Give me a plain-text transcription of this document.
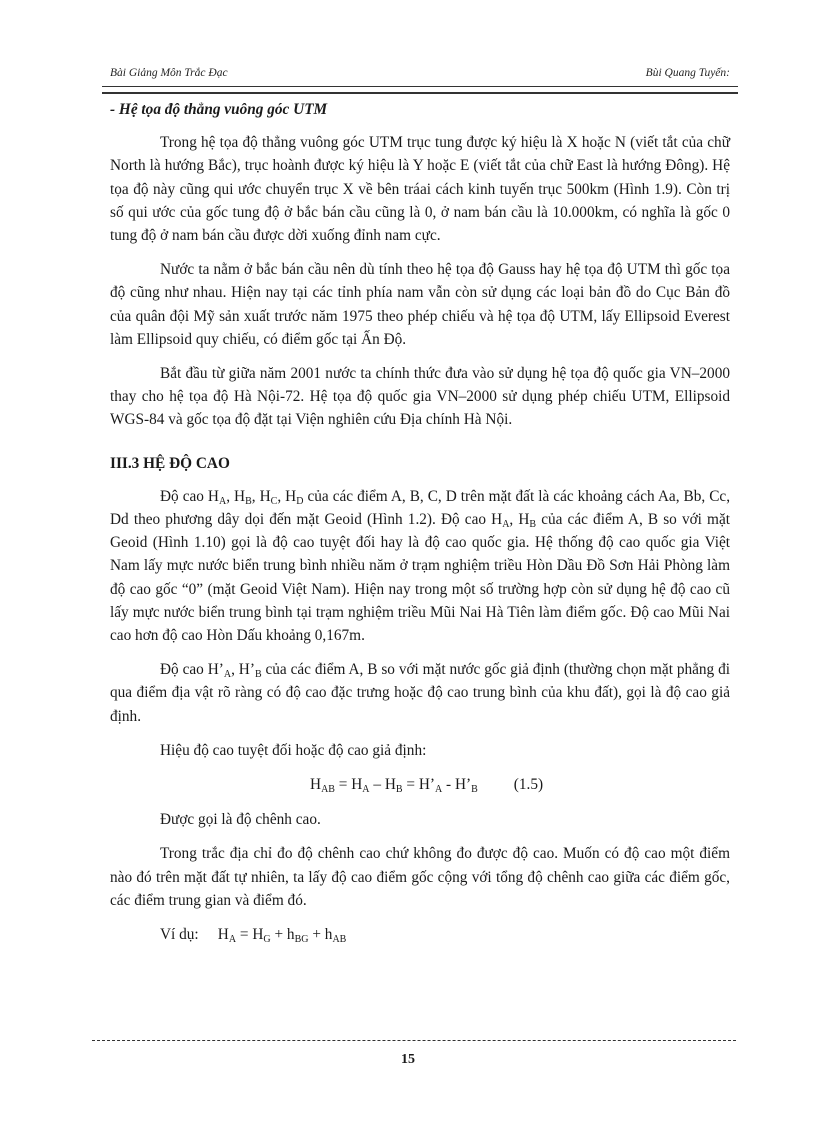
Bài Giảng Môn Trắc Đạc	Bùi Quang Tuyến:
- Hệ tọa độ thẳng vuông góc UTM

Trong hệ tọa độ thẳng vuông góc UTM trục tung được ký hiệu là X hoặc N (viết tắt của chữ North là hướng Bắc), trục hoành được ký hiệu là Y hoặc E (viết tắt của chữ East là hướng Đông). Hệ tọa độ này cũng qui ước chuyển trục X về bên tráai cách kinh tuyến trục 500km (Hình 1.9). Còn trị số qui ước của gốc tung độ ở bắc bán cầu cũng là 0, ở nam bán cầu là 10.000km, có nghĩa là gốc 0 tung độ ở nam bán cầu được dời xuống đỉnh nam cực.

Nước ta nằm ở bắc bán cầu nên dù tính theo hệ tọa độ Gauss hay hệ tọa độ UTM thì gốc tọa độ cũng như nhau. Hiện nay tại các tỉnh phía nam vẫn còn sử dụng các loại bản đồ do Cục Bản đồ của quân đội Mỹ sản xuất trước năm 1975 theo phép chiếu và hệ tọa độ UTM, lấy Ellipsoid Everest làm Ellipsoid quy chiếu, có điểm gốc tại Ấn Độ.

Bắt đầu từ giữa năm 2001 nước ta chính thức đưa vào sử dụng hệ tọa độ quốc gia VN–2000 thay cho hệ tọa độ Hà Nội-72. Hệ tọa độ quốc gia VN–2000 sử dụng phép chiếu UTM, Ellipsoid WGS-84 và gốc tọa độ đặt tại Viện nghiên cứu Địa chính Hà Nội.

III.3 HỆ ĐỘ CAO

Độ cao $H_A$, $H_B$, $H_C$, $H_D$ của các điểm A, B, C, D trên mặt đất là các khoảng cách Aa, Bb, Cc, Dd theo phương dây dọi đến mặt Geoid (Hình 1.2). Độ cao $H_A$, $H_B$ của các điểm A, B so với mặt Geoid (Hình 1.10) gọi là độ cao tuyệt đối hay là độ cao quốc gia. Hệ thống độ cao quốc gia Việt Nam lấy mực nước biển trung bình nhiều năm ở trạm nghiệm triều Hòn Dầu Đồ Sơn Hải Phòng làm độ cao gốc “0” (mặt Geoid Việt Nam). Hiện nay trong một số trường hợp còn sử dụng hệ độ cao cũ lấy mực nước biển trung bình tại trạm nghiệm triều Mũi Nai Hà Tiên làm điểm gốc. Độ cao Mũi Nai cao hơn độ cao Hòn Dấu khoảng 0,167m.

Độ cao $H’_A$, $H’_B$ của các điểm A, B so với mặt nước gốc giả định (thường chọn mặt phẳng đi qua điểm địa vật rõ ràng có độ cao đặc trưng hoặc độ cao trung bình của khu đất), gọi là độ cao giả định.

Hiệu độ cao tuyệt đối hoặc độ cao giả định:

$H_{AB} = H_A - H_B$ = $H’_A$ - $H’_B$ (1.5)

Được gọi là độ chênh cao.

Trong trắc địa chỉ đo độ chênh cao chứ không đo được độ cao. Muốn có độ cao một điểm nào đó trên mặt đất tự nhiên, ta lấy độ cao điểm gốc cộng với tổng độ chênh cao giữa các điểm gốc, các điểm trung gian và điểm đó.

Ví dụ: $H_A = H_G + h_{BG} + h_{AB}$

15
